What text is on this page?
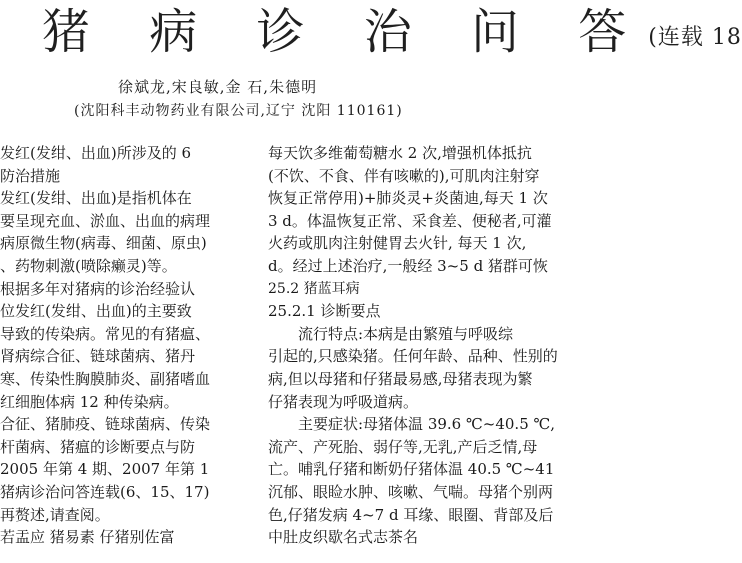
猪 病 诊 治 问 答(连载 18
徐斌龙,宋良敏,金 石,朱德明
(沈阳科丰动物药业有限公司,辽宁 沈阳 110161)
发红(发绀、出血)所涉及的 6
防治措施
发红(发绀、出血)是指机体在
要呈现充血、淤血、出血的病理
病原微生物(病毒、细菌、原虫)
、药物刺激(喷除癞灵)等。
根据多年对猪病的诊治经验认
位发红(发绀、出血)的主要致
导致的传染病。常见的有猪瘟、
肾病综合征、链球菌病、猪丹
寒、传染性胸膜肺炎、副猪嗜血
红细胞体病 12 种传染病。
合征、猪肺疫、链球菌病、传染
杆菌病、猪瘟的诊断要点与防
2005 年第 4 期、2007 年第 1
猪病诊治问答连载(6、15、17)
再赘述,请查阅。
若盂应 猪易素 仔猪别佐富
每天饮多维葡萄糖水 2 次,增强机体抵抗
(不饮、不食、伴有咳嗽的),可肌肉注射穿
恢复正常停用)+肺炎灵+炎菌迪,每天 1 次
3 d。体温恢复正常、采食差、便秘者,可灌
火药或肌肉注射健胃去火针, 每天 1 次,
d。经过上述治疗,一般经 3~5 d 猪群可恢
25.2 猪蓝耳病
25.2.1 诊断要点
　　流行特点:本病是由繁殖与呼吸综
引起的,只感染猪。任何年龄、品种、性别的
病,但以母猪和仔猪最易感,母猪表现为繁
仔猪表现为呼吸道病。
　　主要症状:母猪体温 39.6 ℃~40.5 ℃,
流产、产死胎、弱仔等,无乳,产后乏情,母
亡。哺乳仔猪和断奶仔猪体温 40.5 ℃~41
沉郁、眼睑水肿、咳嗽、气喘。母猪个别两
色,仔猪发病 4~7 d 耳缘、眼圈、背部及后
中肚皮织歇名式志茶名
